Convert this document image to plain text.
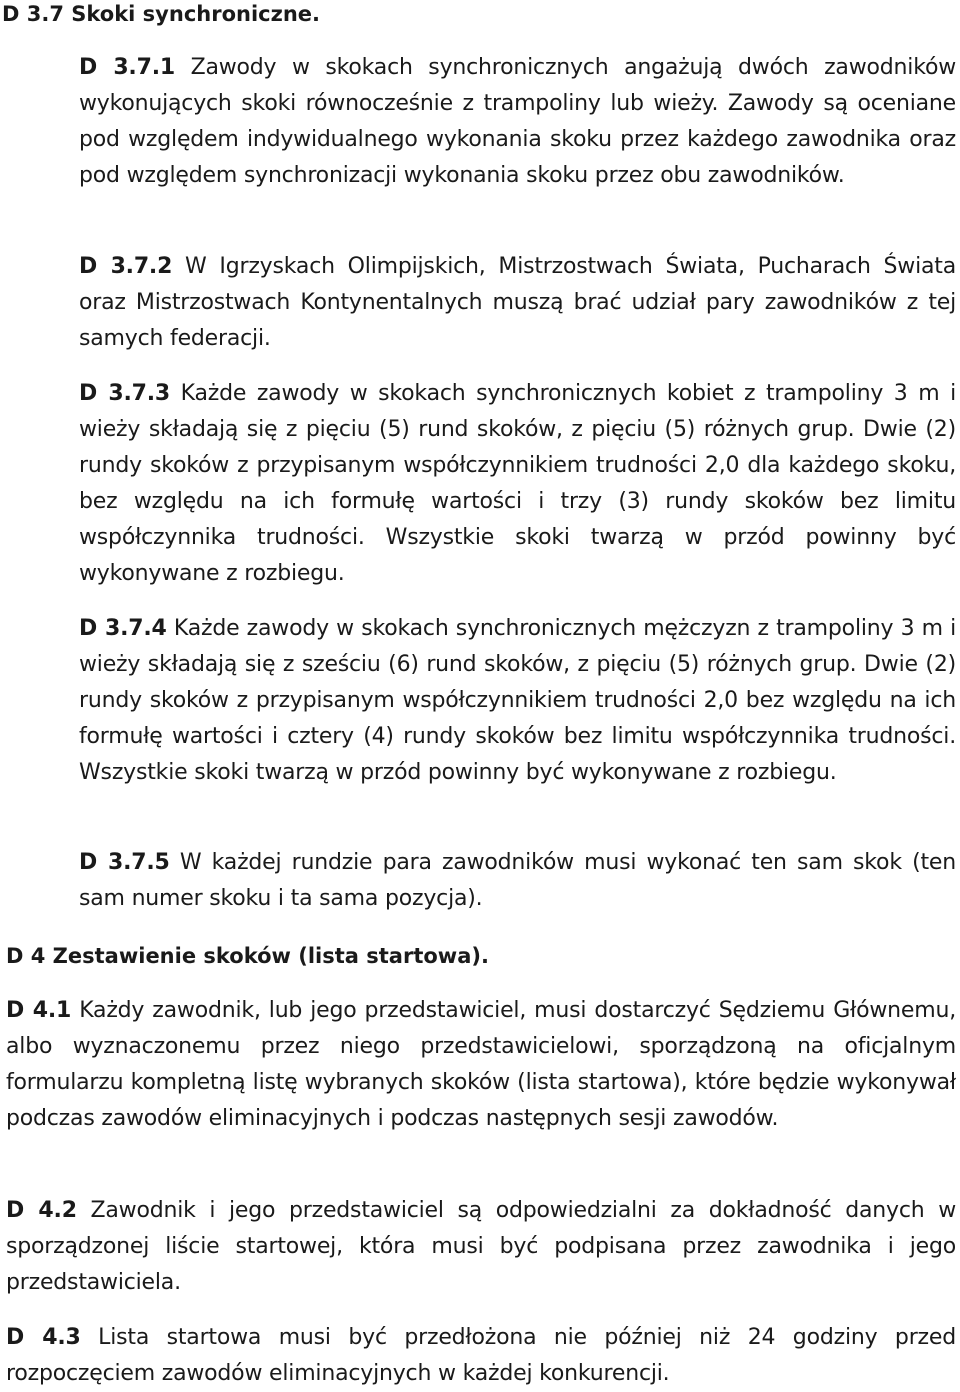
D 3.7 Skoki synchroniczne.

D 3.7.1 Zawody w skokach synchronicznych angażują dwóch zawodników wykonujących skoki równocześnie z trampoliny lub wieży. Zawody są oceniane pod względem indywidualnego wykonania skoku przez każdego zawodnika oraz pod względem synchronizacji wykonania skoku przez obu zawodników.

D 3.7.2 W Igrzyskach Olimpijskich, Mistrzostwach Świata, Pucharach Świata oraz Mistrzostwach Kontynentalnych muszą brać udział pary zawodników z tej samych federacji.

D 3.7.3 Każde zawody w skokach synchronicznych kobiet z trampoliny 3 m i wieży składają się z pięciu (5) rund skoków, z pięciu (5) różnych grup. Dwie (2) rundy skoków z przypisanym współczynnikiem trudności 2,0 dla każdego skoku, bez względu na ich formułę wartości i trzy (3) rundy skoków bez limitu współczynnika trudności. Wszystkie skoki twarzą w przód powinny być wykonywane z rozbiegu.

D 3.7.4 Każde zawody w skokach synchronicznych mężczyzn z trampoliny 3 m i wieży składają się z sześciu (6) rund skoków, z pięciu (5) różnych grup. Dwie (2) rundy skoków z przypisanym współczynnikiem trudności 2,0 bez względu na ich formułę wartości i cztery (4) rundy skoków bez limitu współczynnika trudności. Wszystkie skoki twarzą w przód powinny być wykonywane z rozbiegu.

D 3.7.5 W każdej rundzie para zawodników musi wykonać ten sam skok (ten sam numer skoku i ta sama pozycja).

D 4 Zestawienie skoków (lista startowa).

D 4.1 Każdy zawodnik, lub jego przedstawiciel, musi dostarczyć Sędziemu Głównemu, albo wyznaczonemu przez niego przedstawicielowi, sporządzoną na oficjalnym formularzu kompletną listę wybranych skoków (lista startowa), które będzie wykonywał podczas zawodów eliminacyjnych i podczas następnych sesji zawodów.

D 4.2 Zawodnik i jego przedstawiciel są odpowiedzialni za dokładność danych w sporządzonej liście startowej, która musi być podpisana przez zawodnika i jego przedstawiciela.

D 4.3 Lista startowa musi być przedłożona nie później niż 24 godziny przed rozpoczęciem zawodów eliminacyjnych w każdej konkurencji.
